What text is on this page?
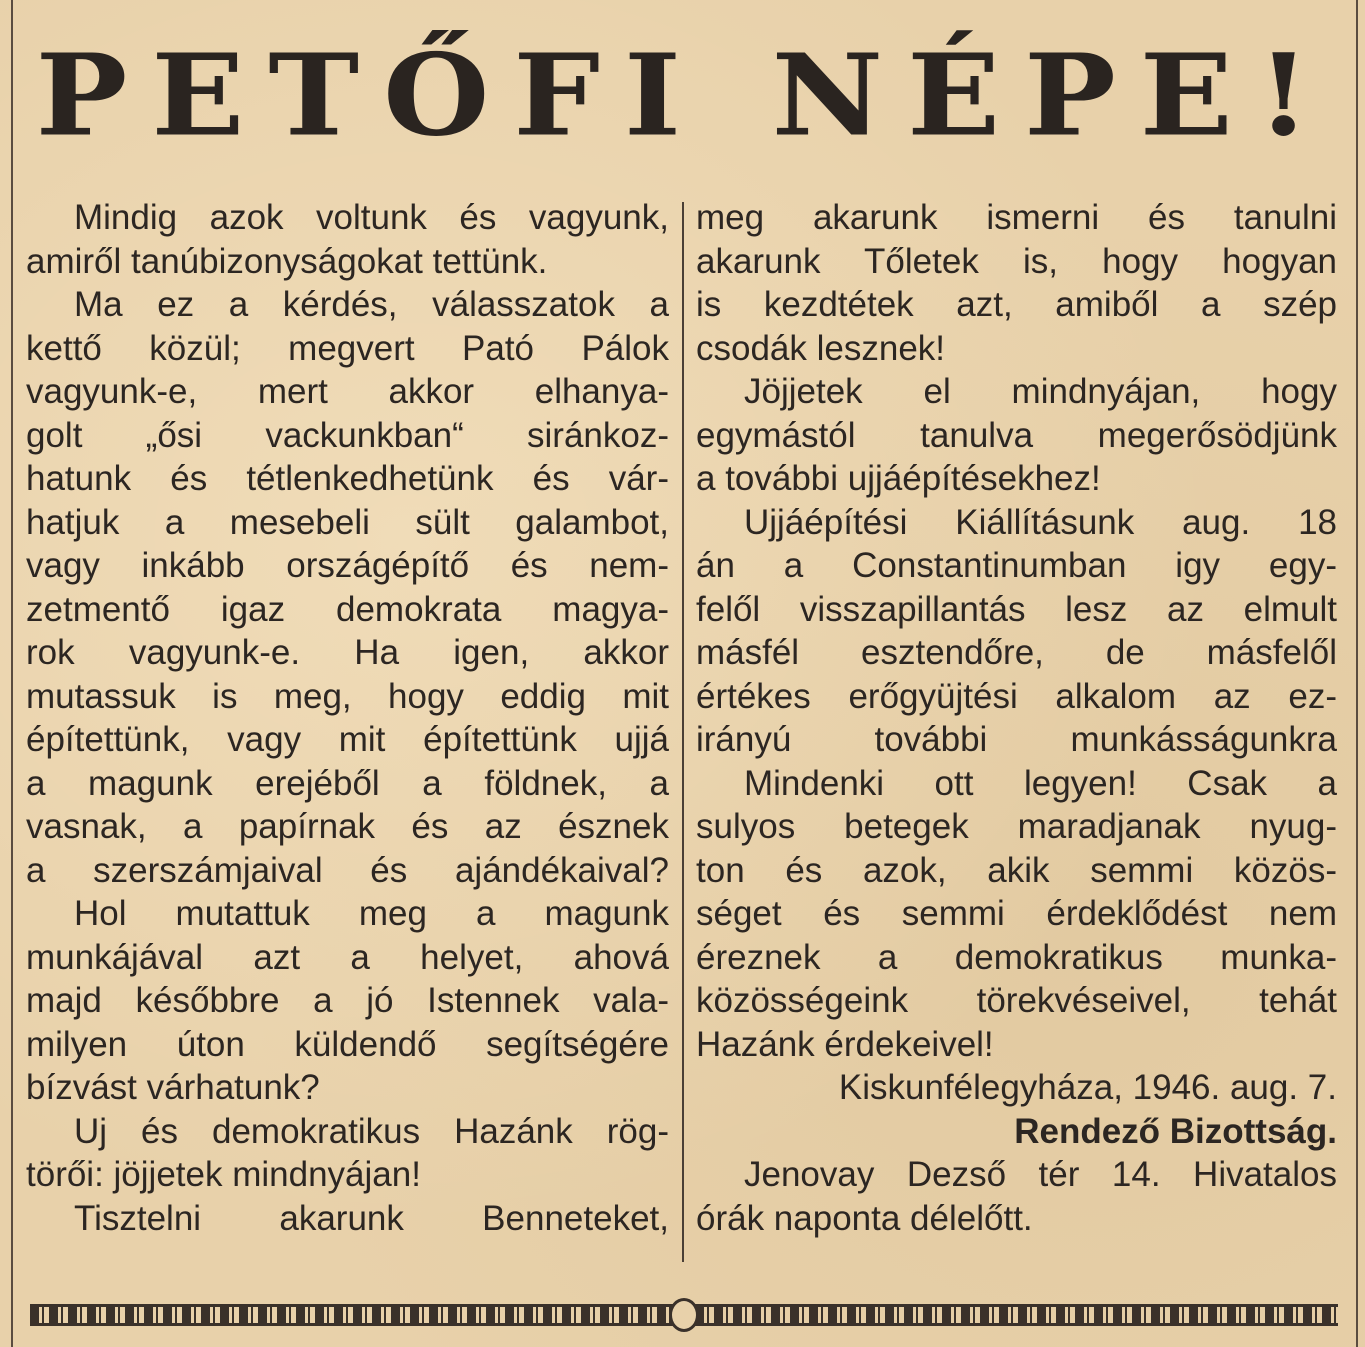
PETŐFI NÉPE!
Mindig azok voltunk és vagyunk,
amiről tanúbizonyságokat tettünk.
Ma ez a kérdés, válasszatok a
kettő közül; megvert Pató Pálok
vagyunk-e, mert akkor elhanya-
golt „ősi vackunkban“ siránkoz-
hatunk és tétlenkedhetünk és vár-
hatjuk a mesebeli sült galambot,
vagy inkább országépítő és nem-
zetmentő igaz demokrata magya-
rok vagyunk-e. Ha igen, akkor
mutassuk is meg, hogy eddig mit
építettünk, vagy mit építettünk ujjá
a magunk erejéből a földnek, a
vasnak, a papírnak és az észnek
a szerszámjaival és ajándékaival?
Hol mutattuk meg a magunk
munkájával azt a helyet, ahová
majd későbbre a jó Istennek vala-
milyen úton küldendő segítségére
bízvást várhatunk?
Uj és demokratikus Hazánk rög-
törői: jöjjetek mindnyájan!
Tisztelni akarunk Benneteket,
meg akarunk ismerni és tanulni
akarunk Tőletek is, hogy hogyan
is kezdtétek azt, amiből a szép
csodák lesznek!
Jöjjetek el mindnyájan, hogy
egymástól tanulva megerősödjünk
a további ujjáépítésekhez!
Ujjáépítési Kiállításunk aug. 18
án a Constantinumban igy egy-
felől visszapillantás lesz az elmult
másfél esztendőre, de másfelől
értékes erőgyüjtési alkalom az ez-
irányú további munkásságunkra
Mindenki ott legyen! Csak a
sulyos betegek maradjanak nyug-
ton és azok, akik semmi közös-
séget és semmi érdeklődést nem
éreznek a demokratikus munka-
közösségeink törekvéseivel, tehát
Hazánk érdekeivel!
Kiskunfélegyháza, 1946. aug. 7.
Rendező Bizottság.
Jenovay Dezső tér 14. Hivatalos
órák naponta délelőtt.
